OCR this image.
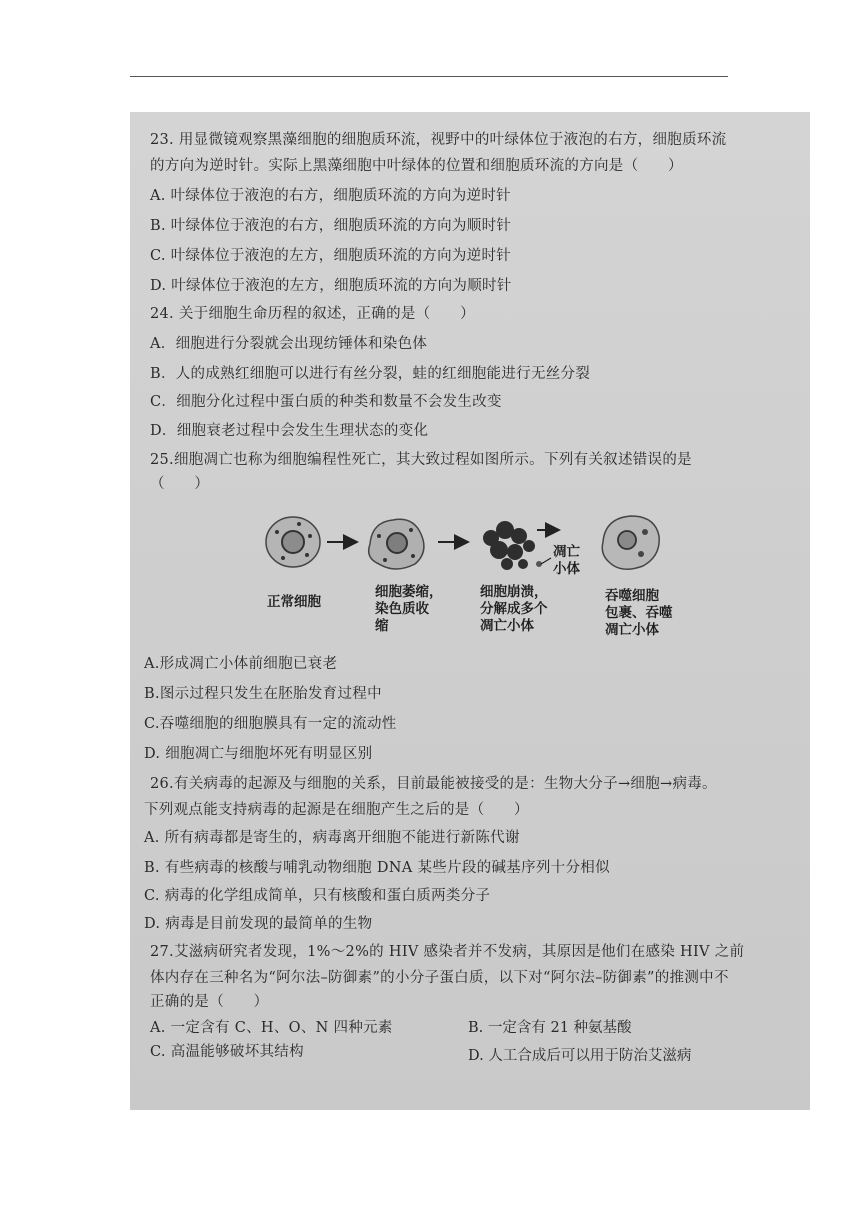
23. 用显微镜观察黑藻细胞的细胞质环流，视野中的叶绿体位于液泡的右方，细胞质环流
的方向为逆时针。实际上黑藻细胞中叶绿体的位置和细胞质环流的方向是（　　）
A. 叶绿体位于液泡的右方，细胞质环流的方向为逆时针
B. 叶绿体位于液泡的右方，细胞质环流的方向为顺时针
C. 叶绿体位于液泡的左方，细胞质环流的方向为逆时针
D. 叶绿体位于液泡的左方，细胞质环流的方向为顺时针
24. 关于细胞生命历程的叙述，正确的是（　　）
A．细胞进行分裂就会出现纺锤体和染色体
B．人的成熟红细胞可以进行有丝分裂，蛙的红细胞能进行无丝分裂
C．细胞分化过程中蛋白质的种类和数量不会发生改变
D．细胞衰老过程中会发生生理状态的变化
25.细胞凋亡也称为细胞编程性死亡，其大致过程如图所示。下列有关叙述错误的是
（　　）
凋亡
小体
正常细胞
细胞萎缩，
染色质收
缩
细胞崩溃，
分解成多个
凋亡小体
吞噬细胞
包裹、吞噬
凋亡小体
A.形成凋亡小体前细胞已衰老
B.图示过程只发生在胚胎发育过程中
C.吞噬细胞的细胞膜具有一定的流动性
D. 细胞凋亡与细胞坏死有明显区别
26.有关病毒的起源及与细胞的关系，目前最能被接受的是：生物大分子→细胞→病毒。
下列观点能支持病毒的起源是在细胞产生之后的是（　　）
A. 所有病毒都是寄生的，病毒离开细胞不能进行新陈代谢
B. 有些病毒的核酸与哺乳动物细胞 DNA 某些片段的碱基序列十分相似
C. 病毒的化学组成简单，只有核酸和蛋白质两类分子
D. 病毒是目前发现的最简单的生物
27.艾滋病研究者发现，1%～2%的 HIV 感染者并不发病，其原因是他们在感染 HIV 之前
体内存在三种名为“阿尔法–防御素”的小分子蛋白质，以下对“阿尔法–防御素”的推测中不
正确的是（　　）
A. 一定含有 C、H、O、N 四种元素	B. 一定含有 21 种氨基酸
C. 高温能够破坏其结构	D. 人工合成后可以用于防治艾滋病
